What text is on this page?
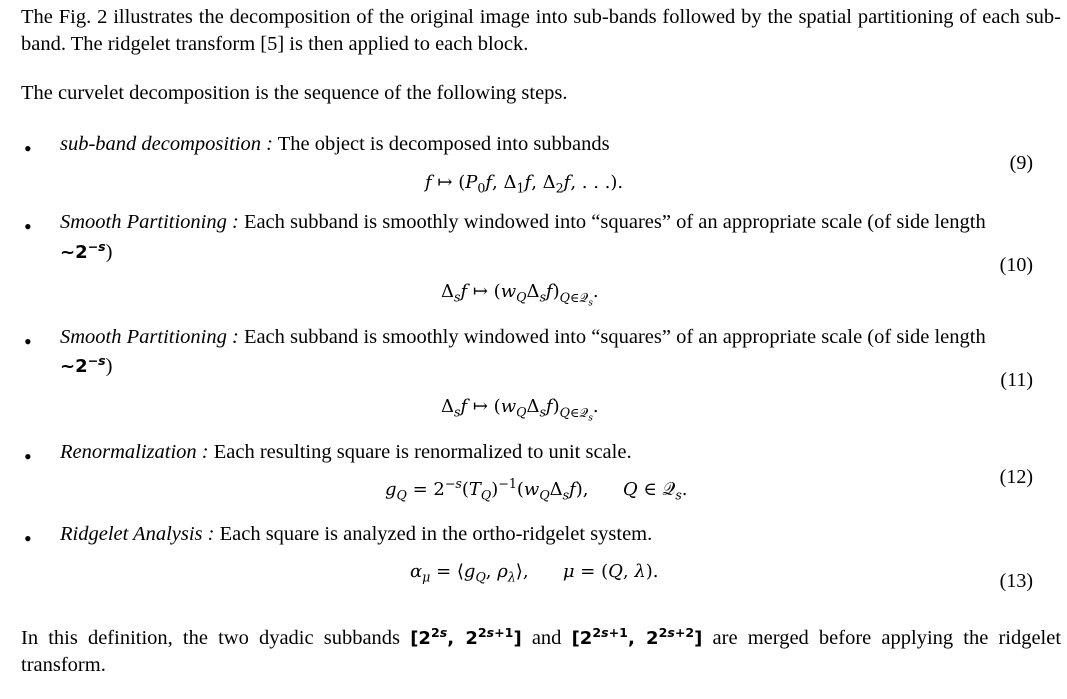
The Fig. 2 illustrates the decomposition of the original image into sub-bands followed by the spatial partitioning of each sub-band. The ridgelet transform [5] is then applied to each block.
The curvelet decomposition is the sequence of the following steps.
• sub-band decomposition : The object is decomposed into subbands
f ↦ ($P_0f$, $\Delta_1f$, $\Delta_2f$, . . .).
(9)
• Smooth Partitioning : Each subband is smoothly windowed into “squares” of an appropriate scale (of side length
$\sim 2^{-s}$)
$\Delta_sf$ ↦ $(w_Q\Delta_sf)_{Q\in 𝒬_s}$.
(10)
• Smooth Partitioning : Each subband is smoothly windowed into “squares” of an appropriate scale (of side length
$\sim 2^{-s}$)
$\Delta_sf$ ↦ $(w_Q\Delta_sf)_{Q\in 𝒬_s}$.
(11)
• Renormalization : Each resulting square is renormalized to unit scale.
$g_Q = 2^{-s}(T_Q)^{-1}(w_Q\Delta_sf)$,      Q ∈ 𝒬$_s$.
(12)
• Ridgelet Analysis : Each square is analyzed in the ortho-ridgelet system.
$\alpha_\mu$ = $⟨g_Q$, $\rho_\lambda⟩$,      μ = (Q, λ).	(13)
In this definition, the two dyadic subbands [$2^{2s}$, $2^{2s+1}$] and [$2^{2s+1}$, $2^{2s+2}$] are merged before applying the ridgelet transform.
